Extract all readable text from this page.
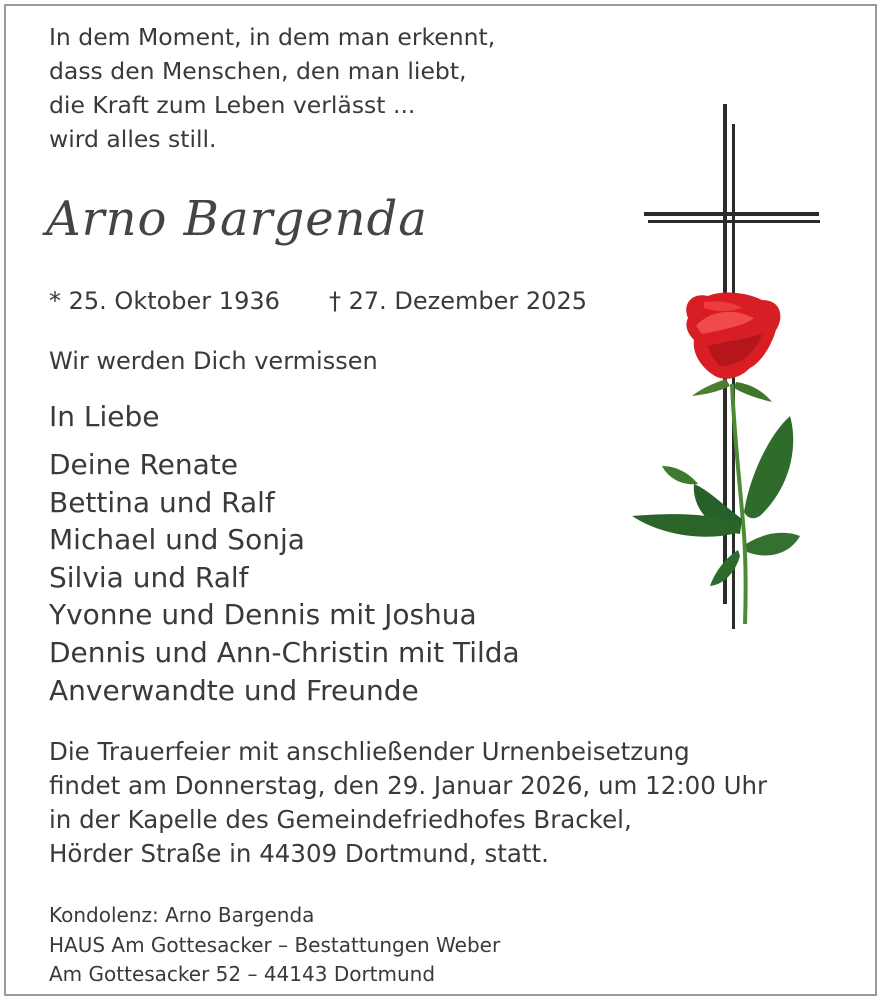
In dem Moment, in dem man erkennt,
dass den Menschen, den man liebt,
die Kraft zum Leben verlässt ...
wird alles still.
Arno Bargenda
* 25. Oktober 1936 † 27. Dezember 2025
Wir werden Dich vermissen
In Liebe
Deine Renate
Bettina und Ralf
Michael und Sonja
Silvia und Ralf
Yvonne und Dennis mit Joshua
Dennis und Ann-Christin mit Tilda
Anverwandte und Freunde
Die Trauerfeier mit anschließender Urnenbeisetzung
findet am Donnerstag, den 29. Januar 2026, um 12:00 Uhr
in der Kapelle des Gemeindefriedhofes Brackel,
Hörder Straße in 44309 Dortmund, statt.
Kondolenz: Arno Bargenda
HAUS Am Gottesacker – Bestattungen Weber
Am Gottesacker 52 – 44143 Dortmund
